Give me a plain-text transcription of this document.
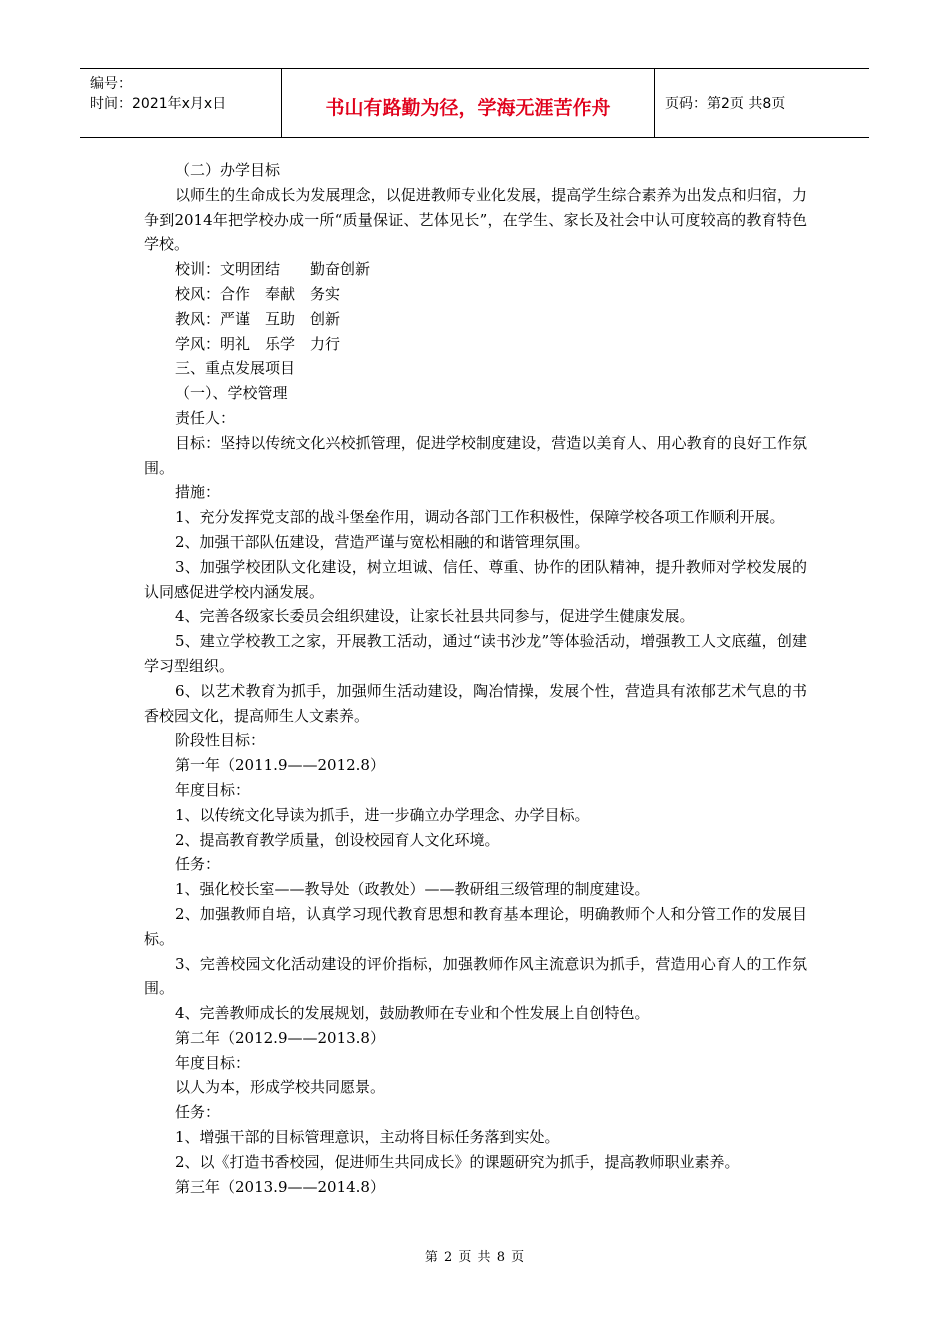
编号：
时间：2021年x月x日	书山有路勤为径，学海无涯苦作舟	页码：第2页 共8页

（二）办学目标

以师生的生命成长为发展理念，以促进教师专业化发展，提高学生综合素养为出发点和归宿，力争到2014年把学校办成一所“质量保证、艺体见长”，在学生、家长及社会中认可度较高的教育特色学校。

校训：文明团结　　勤奋创新

校风：合作　奉献　务实

教风：严谨　互助　创新

学风：明礼　乐学　力行

三、重点发展项目

（一）、学校管理

责任人：

目标：坚持以传统文化兴校抓管理，促进学校制度建设，营造以美育人、用心教育的良好工作氛围。

措施：

1、充分发挥党支部的战斗堡垒作用，调动各部门工作积极性，保障学校各项工作顺利开展。

2、加强干部队伍建设，营造严谨与宽松相融的和谐管理氛围。

3、加强学校团队文化建设，树立坦诚、信任、尊重、协作的团队精神，提升教师对学校发展的认同感促进学校内涵发展。

4、完善各级家长委员会组织建设，让家长社县共同参与，促进学生健康发展。

5、建立学校教工之家，开展教工活动，通过“读书沙龙”等体验活动，增强教工人文底蕴，创建学习型组织。

6、以艺术教育为抓手，加强师生活动建设，陶冶情操，发展个性，营造具有浓郁艺术气息的书香校园文化，提高师生人文素养。

阶段性目标：

第一年（2011.9——2012.8）

年度目标：

1、以传统文化导读为抓手，进一步确立办学理念、办学目标。

2、提高教育教学质量，创设校园育人文化环境。

任务：

1、强化校长室——教导处（政教处）——教研组三级管理的制度建设。

2、加强教师自培，认真学习现代教育思想和教育基本理论，明确教师个人和分管工作的发展目标。

3、完善校园文化活动建设的评价指标，加强教师作风主流意识为抓手，营造用心育人的工作氛围。

4、完善教师成长的发展规划，鼓励教师在专业和个性发展上自创特色。

第二年（2012.9——2013.8）

年度目标：

以人为本，形成学校共同愿景。

任务：

1、增强干部的目标管理意识，主动将目标任务落到实处。

2、以《打造书香校园，促进师生共同成长》的课题研究为抓手，提高教师职业素养。

第三年（2013.9——2014.8）

第 2 页 共 8 页
